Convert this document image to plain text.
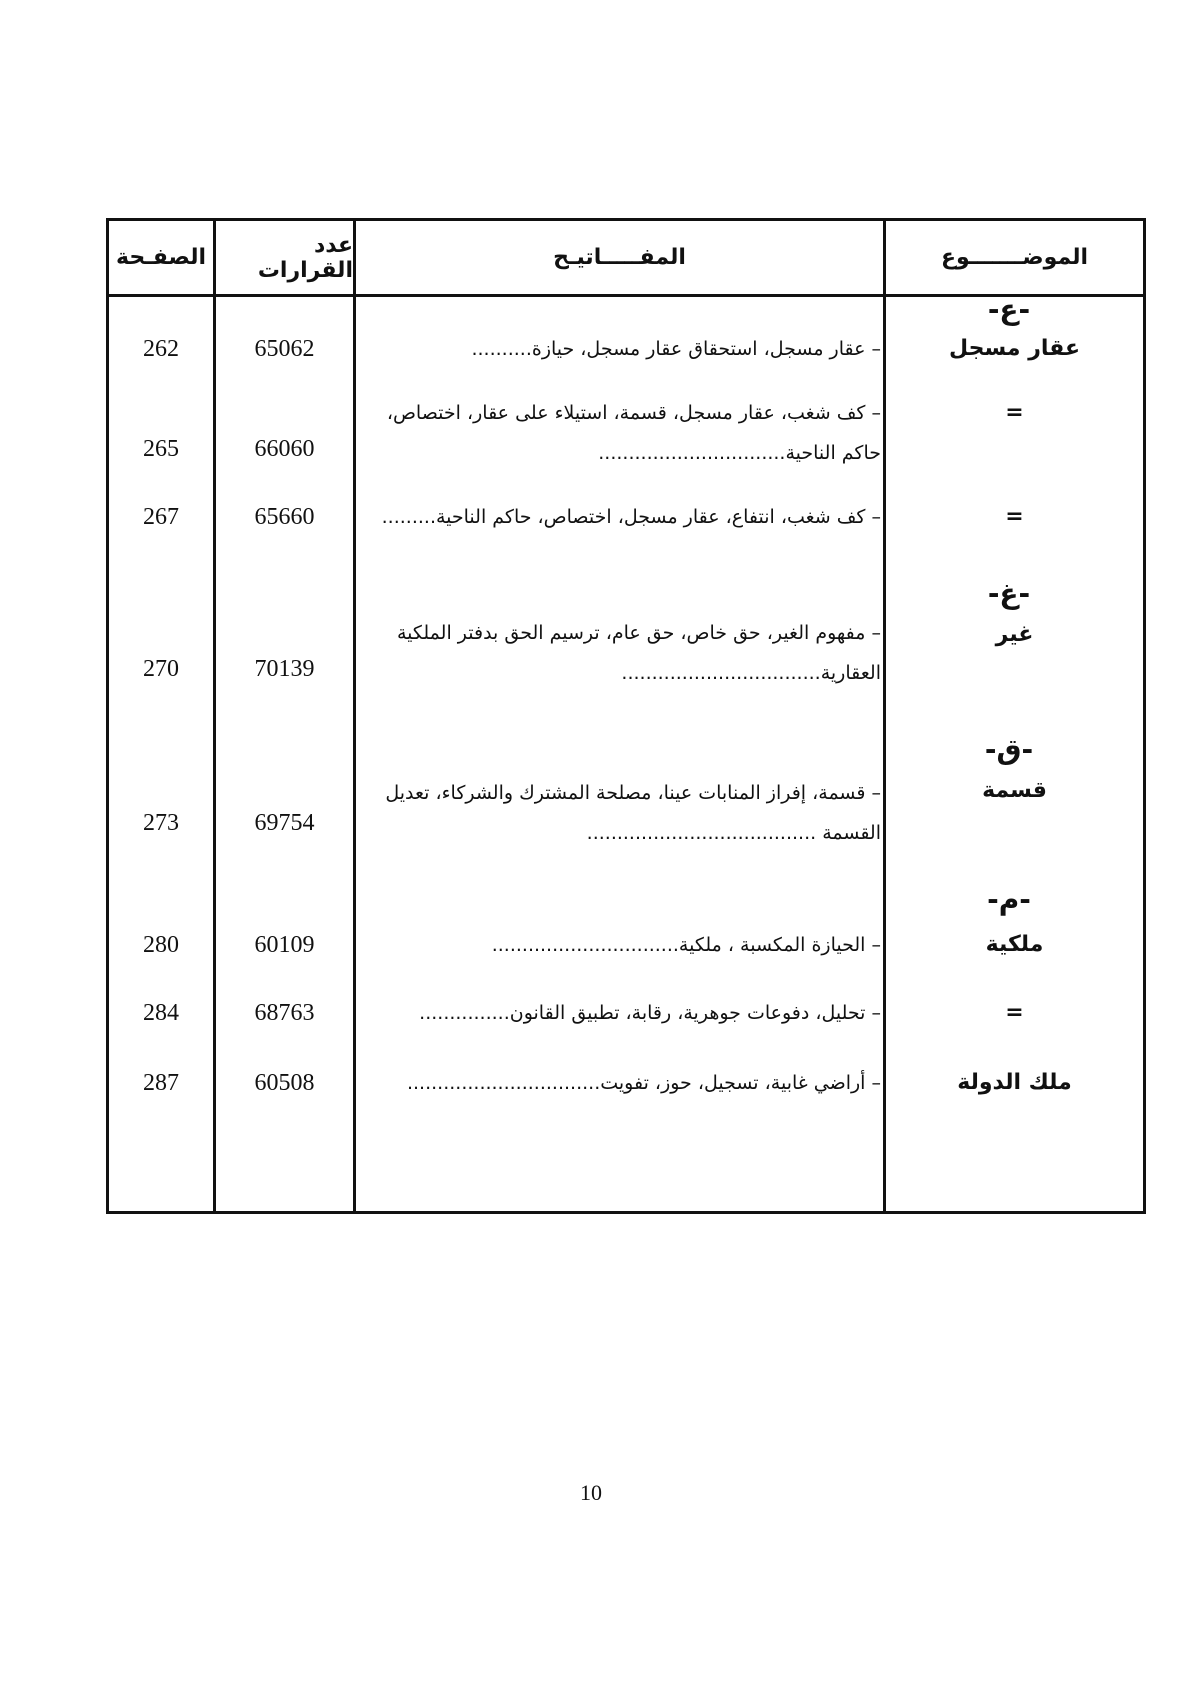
الموضـــــــوع
المفـــــاتيـح
عدد القرارات
الصفـحة
-ع-
-غ-
-ق-
-م-
عقار مسجل
– عقار مسجل، استحقاق عقار مسجل، حيازة..........
65062
262
=
– كف شغب، عقار مسجل، قسمة، استيلاء على عقار، اختصاص،
حاكم الناحية...............................
66060
265
=
– كف شغب، انتفاع، عقار مسجل، اختصاص، حاكم الناحية.........
65660
267
غير
– مفهوم الغير، حق خاص، حق عام، ترسيم الحق بدفتر الملكية
العقارية.................................
70139
270
قسمة
– قسمة، إفراز المنابات عينا، مصلحة المشترك والشركاء، تعديل
القسمة ......................................
69754
273
ملكية
– الحيازة المكسبة ، ملكية...............................
60109
280
=
– تحليل، دفوعات جوهرية، رقابة، تطبيق القانون...............
68763
284
ملك الدولة
– أراضي غابية، تسجيل، حوز، تفويت................................
60508
287
10
